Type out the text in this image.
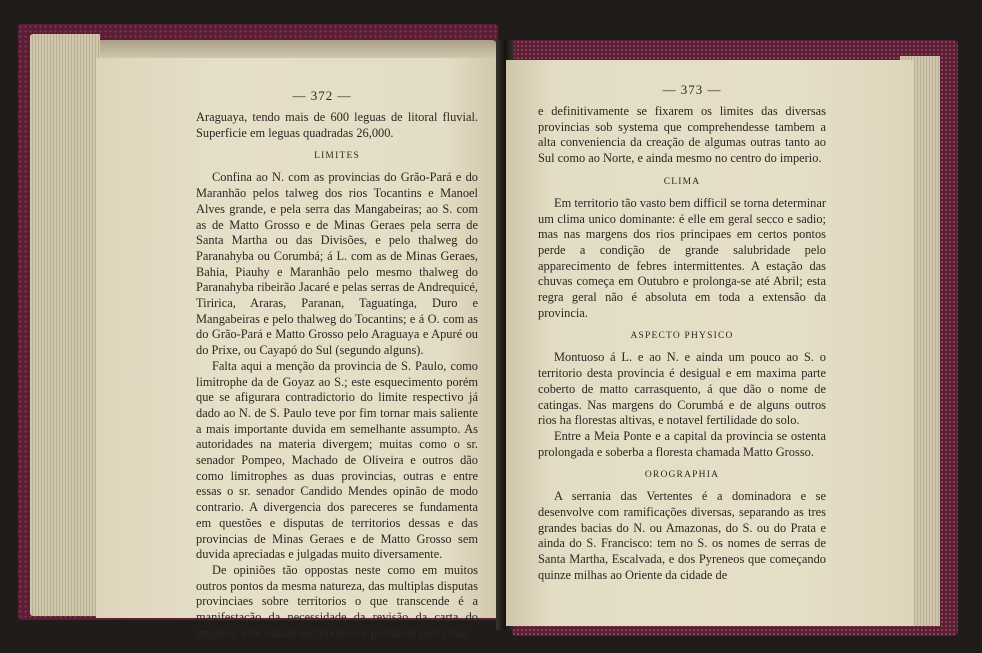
— 372 —

Araguaya, tendo mais de 600 leguas de litoral fluvial. Superficie em leguas quadradas 26,000.

LIMITES

Confina ao N. com as provincias do Grão-Pará e do Maranhão pelos talweg dos rios Tocantins e Manoel Alves grande, e pela serra das Mangabeiras; ao S. com as de Matto Grosso e de Minas Geraes pela serra de Santa Martha ou das Divisões, e pelo thalweg do Paranahyba ou Corumbá; á L. com as de Minas Geraes, Bahia, Piauhy e Maranhão pelo mesmo thalweg do Paranahyba ribeirão Jacaré e pelas serras de Andrequicé, Tiririca, Araras, Paranan, Taguatinga, Duro e Mangabeiras e pelo thalweg do Tocantins; e á O. com as do Grão-Pará e Matto Grosso pelo Araguaya e Apuré ou do Prixe, ou Cayapó do Sul (segundo alguns).

Falta aqui a menção da provincia de S. Paulo, como limitrophe da de Goyaz ao S.; este esquecimento porém que se afigurara contradictorio do limite respectivo já dado ao N. de S. Paulo teve por fim tornar mais saliente a mais importante duvida em semelhante assumpto. As autoridades na materia divergem; muitas como o sr. senador Pompeo, Machado de Oliveira e outros dão como limitrophes as duas provincias, outras e entre essas o sr. senador Candido Mendes opinão de modo contrario. A divergencia dos pareceres se fundamenta em questões e disputas de territorios dessas e das provincias de Minas Geraes e de Matto Grosso sem duvida apreciadas e julgadas muito diversamente.

De opiniões tão oppostas neste como em muitos outros pontos da mesma natureza, das multiplas disputas provinciaes sobre territorios o que transcende é a manifestação da necessidade da revisão da carta do imperio, e de estudo escrupuloso e profundo para clara

— 373 —

e definitivamente se fixarem os limites das diversas provincias sob systema que comprehendesse tambem a alta conveniencia da creação de algumas outras tanto ao Sul como ao Norte, e ainda mesmo no centro do imperio.

CLIMA

Em territorio tão vasto bem difficil se torna determinar um clima unico dominante: é elle em geral secco e sadio; mas nas margens dos rios principaes em certos pontos perde a condição de grande salubridade pelo apparecimento de febres intermittentes. A estação das chuvas começa em Outubro e prolonga-se até Abril; esta regra geral não é absoluta em toda a extensão da provincia.

ASPECTO PHYSICO

Montuoso á L. e ao N. e ainda um pouco ao S. o territorio desta provincia é desigual e em maxima parte coberto de matto carrasquento, á que dão o nome de catingas. Nas margens do Corumbá e de alguns outros rios ha florestas altivas, e notavel fertilidade do solo.

Entre a Meia Ponte e a capital da provincia se ostenta prolongada e soberba a floresta chamada Matto Grosso.

OROGRAPHIA

A serrania das Vertentes é a dominadora e se desenvolve com ramificações diversas, separando as tres grandes bacias do N. ou Amazonas, do S. ou do Prata e ainda do S. Francisco: tem no S. os nomes de serras de Santa Martha, Escalvada, e dos Pyreneos que começando quinze milhas ao Oriente da cidade de
